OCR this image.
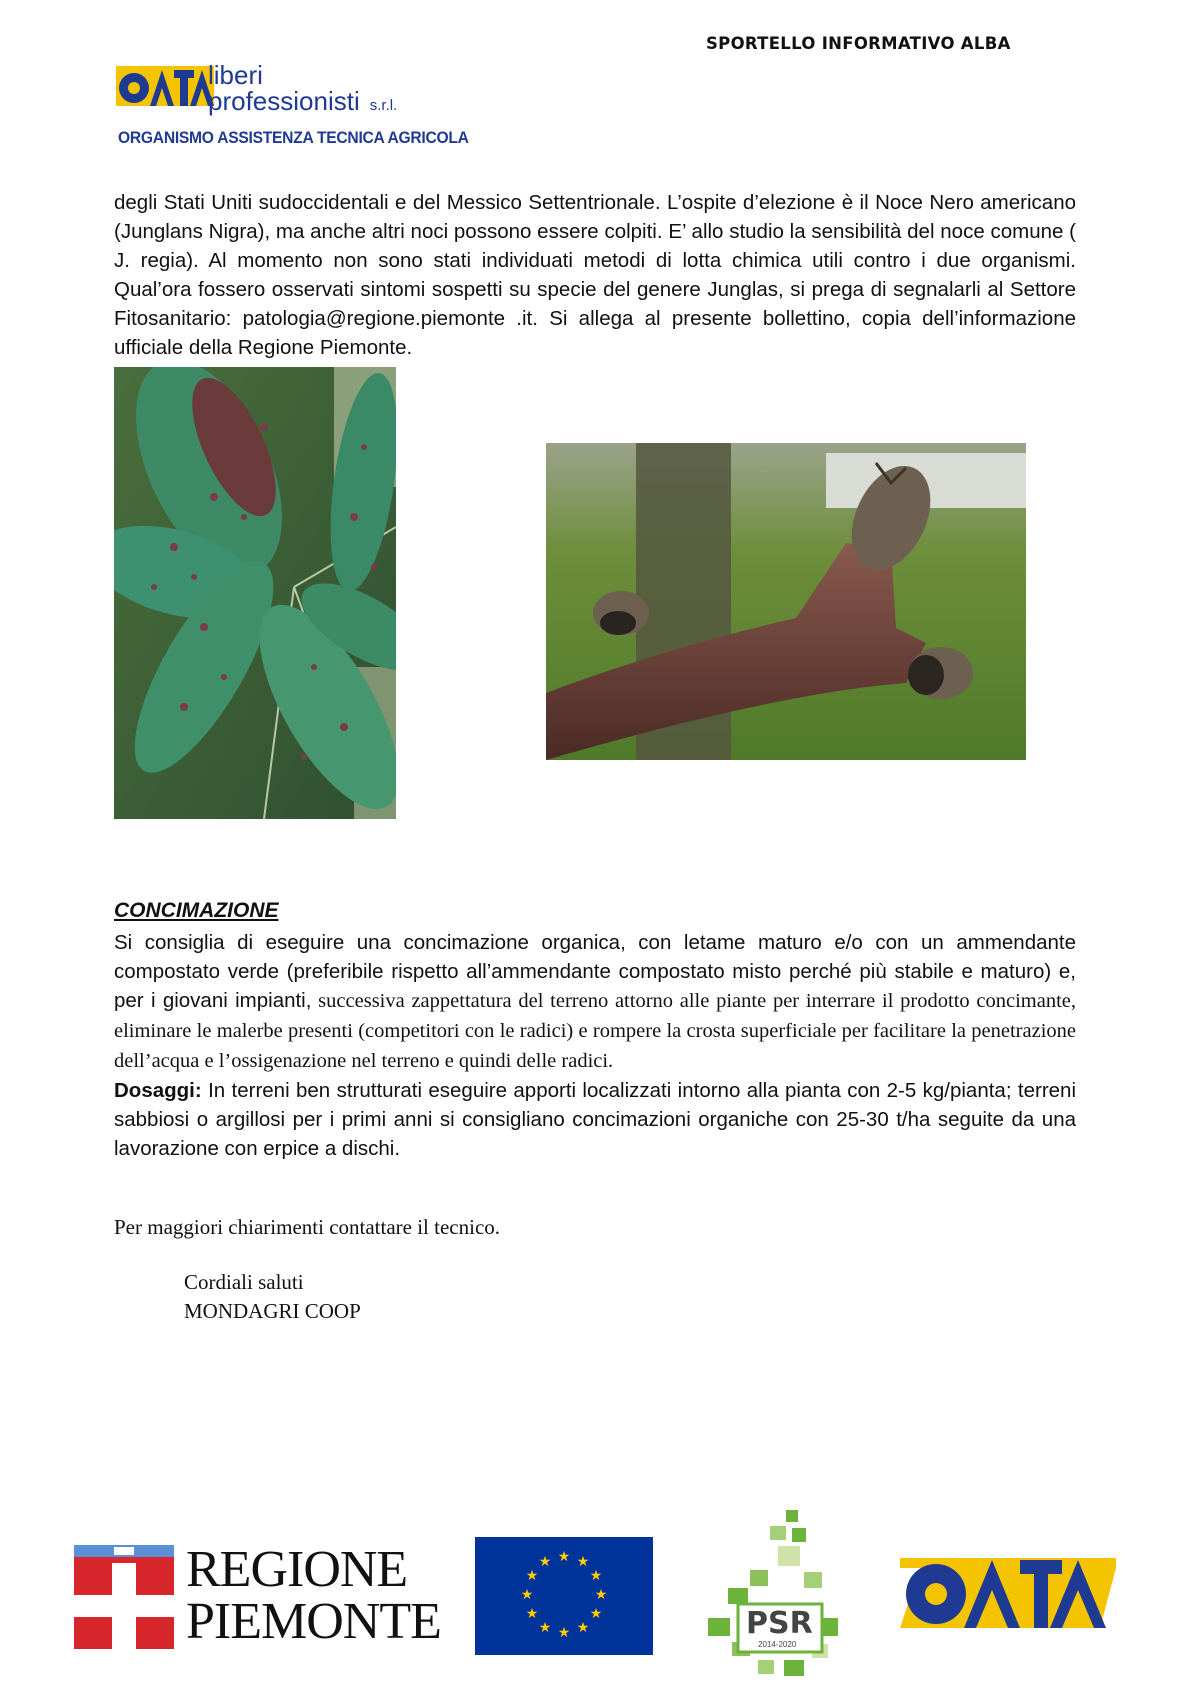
SPORTELLO INFORMATIVO ALBA
liberi
professionisti s.r.l.
ORGANISMO ASSISTENZA TECNICA AGRICOLA

degli Stati Uniti sudoccidentali e del Messico Settentrionale. L’ospite d’elezione è il Noce Nero americano (Junglans Nigra), ma anche altri noci possono essere colpiti. E’ allo studio la sensibilità del noce comune ( J. regia). Al momento non sono stati individuati metodi di lotta chimica utili contro i due organismi. Qual’ora fossero osservati sintomi sospetti su specie del genere Junglas, si prega di segnalarli al Settore Fitosanitario: patologia@regione.piemonte .it. Si allega al presente bollettino, copia dell’informazione ufficiale della Regione Piemonte.

CONCIMAZIONE

Si consiglia di eseguire una concimazione organica, con letame maturo e/o con un ammendante compostato verde (preferibile rispetto all’ammendante compostato misto perché più stabile e maturo) e, per i giovani impianti, successiva zappettatura del terreno attorno alle piante per interrare il prodotto concimante, eliminare le malerbe presenti (competitori con le radici) e rompere la crosta superficiale per facilitare la penetrazione dell’acqua e l’ossigenazione nel terreno e quindi delle radici.

Dosaggi: In terreni ben strutturati eseguire apporti localizzati intorno alla pianta con 2-5 kg/pianta; terreni sabbiosi o argillosi per i primi anni si consigliano concimazioni organiche con 25-30 t/ha seguite da una lavorazione con erpice a dischi.

Per maggiori chiarimenti contattare il tecnico.
Cordiali saluti
MONDAGRI COOP
REGIONE
PIEMONTE
★ ★
★
★
★
★
★
★
★
★
★
★
PSR
2014-2020
